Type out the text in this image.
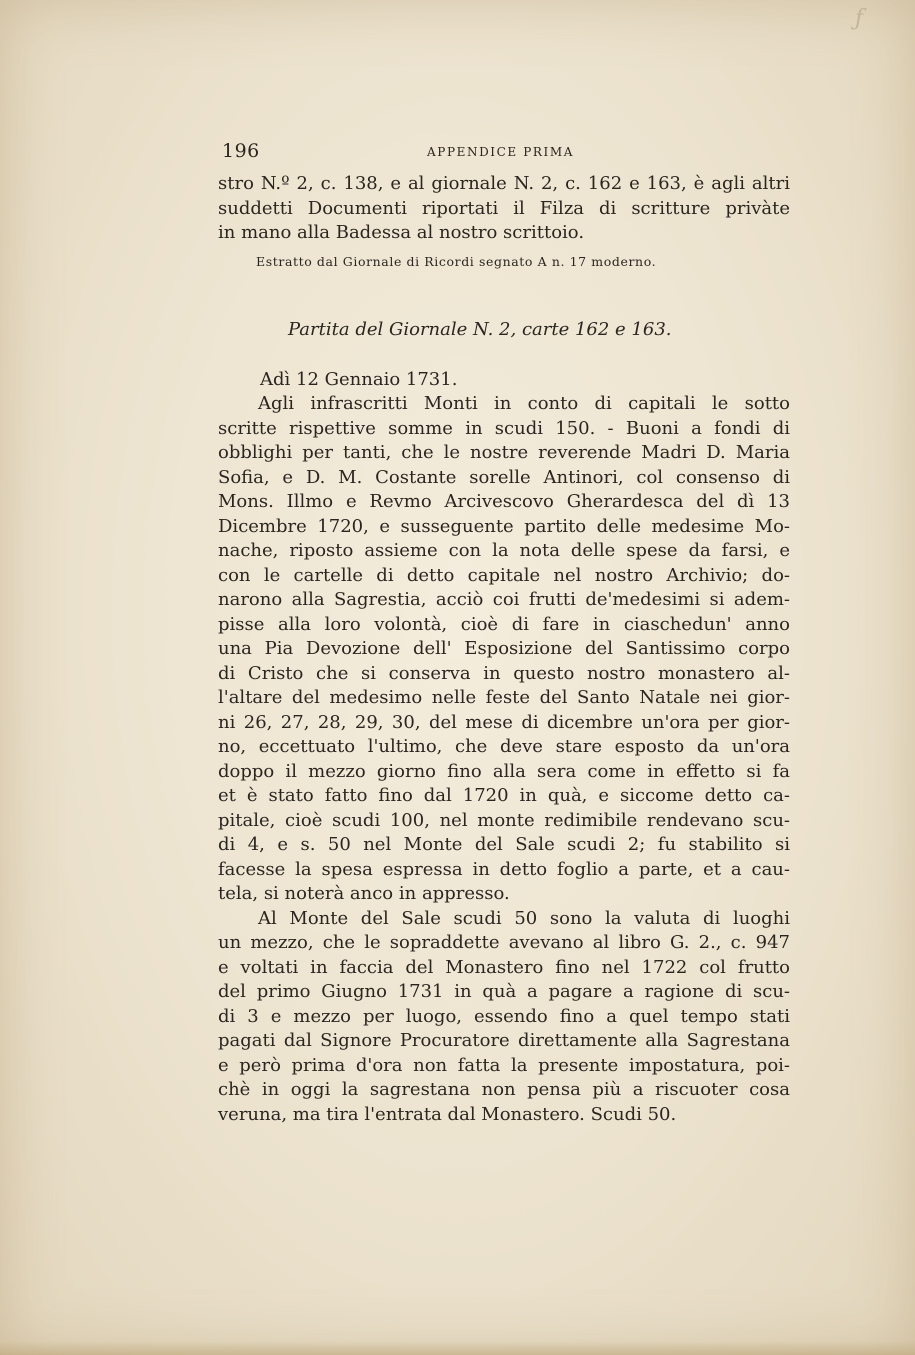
ƒ
196	APPENDICE PRIMA
stro N.º 2, c. 138, e al giornale N. 2, c. 162 e 163, è agli altri
suddetti Documenti riportati il Filza di scritture privàte
in mano alla Badessa al nostro scrittoio.
Estratto dal Giornale di Ricordi segnato A n. 17 moderno.
Partita del Giornale N. 2, carte 162 e 163.
Adì 12 Gennaio 1731.
Agli infrascritti Monti in conto di capitali le sotto
scritte rispettive somme in scudi 150. - Buoni a fondi di
obblighi per tanti, che le nostre reverende Madri D. Maria
Sofia, e D. M. Costante sorelle Antinori, col consenso di
Mons. Illmo e Revmo Arcivescovo Gherardesca del dì 13
Dicembre 1720, e susseguente partito delle medesime Mo-
nache, riposto assieme con la nota delle spese da farsi, e
con le cartelle di detto capitale nel nostro Archivio; do-
narono alla Sagrestia, acciò coi frutti de'medesimi si adem-
pisse alla loro volontà, cioè di fare in ciaschedun' anno
una Pia Devozione dell' Esposizione del Santissimo corpo
di Cristo che si conserva in questo nostro monastero al-
l'altare del medesimo nelle feste del Santo Natale nei gior-
ni 26, 27, 28, 29, 30, del mese di dicembre un'ora per gior-
no, eccettuato l'ultimo, che deve stare esposto da un'ora
doppo il mezzo giorno fino alla sera come in effetto si fa
et è stato fatto fino dal 1720 in quà, e siccome detto ca-
pitale, cioè scudi 100, nel monte redimibile rendevano scu-
di 4, e s. 50 nel Monte del Sale scudi 2; fu stabilito si
facesse la spesa espressa in detto foglio a parte, et a cau-
tela, si noterà anco in appresso.
Al Monte del Sale scudi 50 sono la valuta di luoghi
un mezzo, che le sopraddette avevano al libro G. 2., c. 947
e voltati in faccia del Monastero fino nel 1722 col frutto
del primo Giugno 1731 in quà a pagare a ragione di scu-
di 3 e mezzo per luogo, essendo fino a quel tempo stati
pagati dal Signore Procuratore direttamente alla Sagrestana
e però prima d'ora non fatta la presente impostatura, poi-
chè in oggi la sagrestana non pensa più a riscuoter cosa
veruna, ma tira l'entrata dal Monastero. Scudi 50.
